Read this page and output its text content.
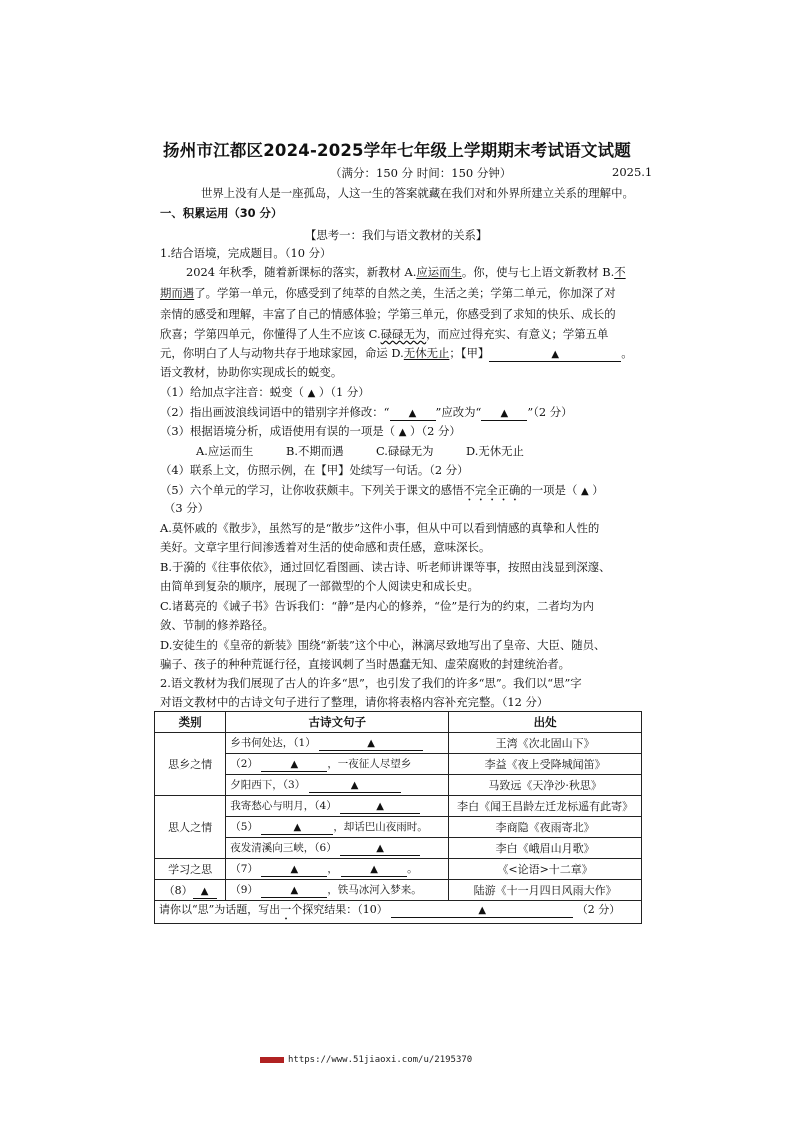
扬州市江都区2024-2025学年七年级上学期期末考试语文试题
（满分：150 分 时间：150 分钟）	2025.1
世界上没有人是一座孤岛，人这一生的答案就藏在我们对和外界所建立关系的理解中。
一、积累运用（30 分）
【思考一：我们与语文教材的关系】
1.结合语境，完成题目。（10 分）
2024 年秋季，随着新课标的落实，新教材 A.应运而生。你，使与七上语文新教材 B.不
期而遇了。学第一单元，你感受到了纯萃的自然之美，生活之美；学第二单元，你加深了对
亲情的感受和理解，丰富了自己的情感体验；学第三单元，你感受到了求知的快乐、成长的
欣喜；学第四单元，你懂得了人生不应该 C.碌碌无为，而应过得充实、有意义；学第五单
元，你明白了人与动物共存于地球家园，命运 D.无休无止；【甲】	▲	。
语文教材，协助你实现成长的蜕变。
（1）给加点字注音：蜕变（ ▲ ）（1 分）
（2）指出画波浪线词语中的错别字并修改：“ ▲ ”应改为“ ▲ ”（2 分）
（3）根据语境分析，成语使用有误的一项是（ ▲ ）（2 分）
A.应运而生	B.不期而遇	C.碌碌无为	D.无休无止
（4）联系上文，仿照示例，在【甲】处续写一句话。（2 分）
（5）六个单元的学习，让你收获颇丰。下列关于课文的感悟不完全正确的一项是（ ▲ ）
（3 分）
A.莫怀戚的《散步》，虽然写的是“散步”这件小事，但从中可以看到情感的真挚和人性的
美好。文章字里行间渗透着对生活的使命感和责任感，意味深长。
B.于漪的《往事依依》，通过回忆看图画、读古诗、听老师讲课等事，按照由浅显到深邃、
由简单到复杂的顺序，展现了一部微型的个人阅读史和成长史。
C.诸葛亮的《诫子书》告诉我们：“静”是内心的修养，“俭”是行为的约束，二者均为内
敛、节制的修养路径。
D.安徒生的《皇帝的新装》围绕“新装”这个中心，淋漓尽致地写出了皇帝、大臣、随员、
骗子、孩子的种种荒诞行径，直接讽刺了当时愚蠢无知、虚荣腐败的封建统治者。
2.语文教材为我们展现了古人的许多“思”，也引发了我们的许多“思”。我们以“思”字
对语文教材中的古诗文句子进行了整理，请你将表格内容补充完整。（12 分）
类别	古诗文句子	出处
思乡之情	乡书何处达，（1） ▲	王湾《次北固山下》
	（2） ▲ ，一夜征人尽望乡	李益《夜上受降城闻笛》
	夕阳西下，（3） ▲	马致远《天净沙·秋思》
思人之情	我寄愁心与明月，（4） ▲	李白《闻王昌龄左迁龙标遥有此寄》
	（5） ▲ ，却话巴山夜雨时。	李商隐《夜雨寄北》
	夜发清溪向三峡，（6） ▲	李白《峨眉山月歌》
学习之思	（7） ▲ ， ▲ 。	《<论语>十二章》
（8） ▲	（9） ▲ ，铁马冰河入梦来。	陆游《十一月四日风雨大作》
请你以“思”为话题，写出一个探究结果：（10） ▲ （2 分）		
https://www.51jiaoxi.com/u/2195370
